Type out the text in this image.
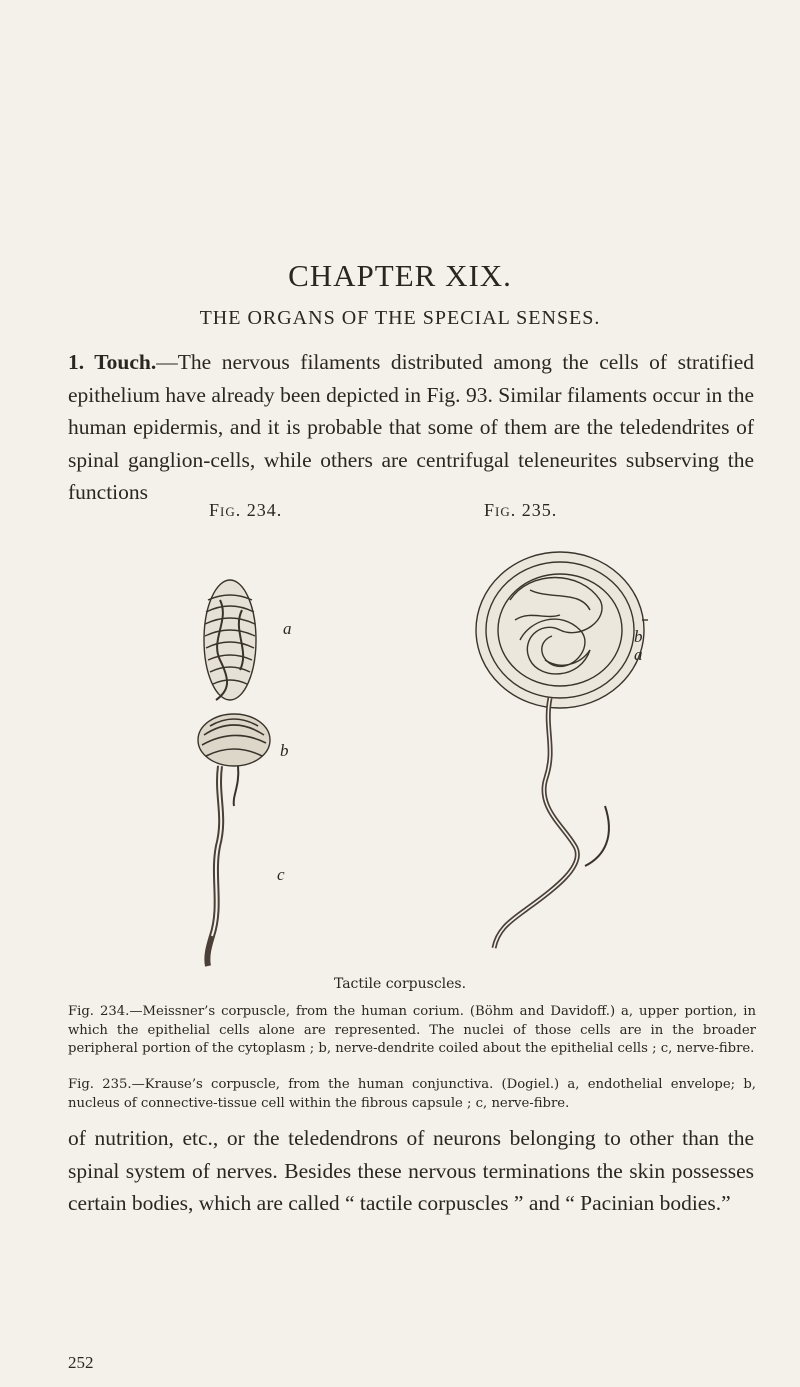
CHAPTER XIX.
THE ORGANS OF THE SPECIAL SENSES.
1. Touch.—The nervous filaments distributed among the cells of stratified epithelium have already been depicted in Fig. 93. Similar filaments occur in the human epidermis, and it is probable that some of them are the teledendrites of spinal ganglion-cells, while others are centrifugal teleneurites subserving the functions
Fig. 234.	Fig. 235.
a
b
c
b
a
Tactile corpuscles.
Fig. 234.—Meissner’s corpuscle, from the human corium. (Böhm and Davidoff.) a, upper portion, in which the epithelial cells alone are represented. The nuclei of those cells are in the broader peripheral portion of the cytoplasm ; b, nerve-dendrite coiled about the epithelial cells ; c, nerve-fibre.
Fig. 235.—Krause’s corpuscle, from the human conjunctiva. (Dogiel.) a, endothelial envelope; b, nucleus of connective-tissue cell within the fibrous capsule ; c, nerve-fibre.
of nutrition, etc., or the teledendrons of neurons belonging to other than the spinal system of nerves. Besides these nervous terminations the skin possesses certain bodies, which are called “ tactile corpuscles ” and “ Pacinian bodies.”
252
